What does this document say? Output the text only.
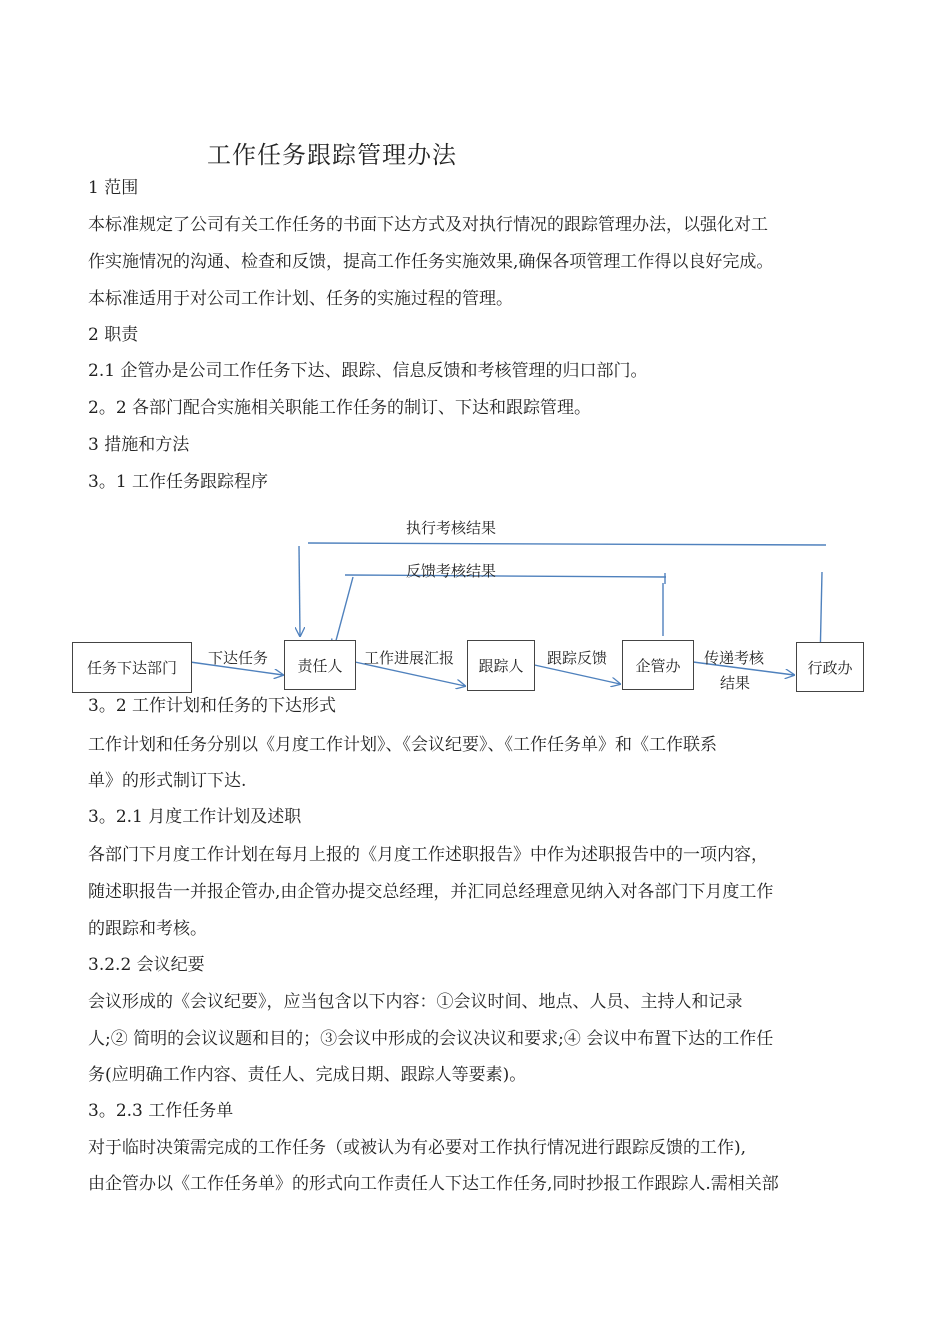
工作任务跟踪管理办法
1 范围
本标准规定了公司有关工作任务的书面下达方式及对执行情况的跟踪管理办法，以强化对工
作实施情况的沟通、检查和反馈，提高工作任务实施效果,确保各项管理工作得以良好完成。
本标准适用于对公司工作计划、任务的实施过程的管理。
2 职责
2.1 企管办是公司工作任务下达、跟踪、信息反馈和考核管理的归口部门。
2。2 各部门配合实施相关职能工作任务的制订、下达和跟踪管理。
3 措施和方法
3。1 工作任务跟踪程序
执行考核结果
反馈考核结果
下达任务	工作进展汇报	跟踪反馈	传递考核
结果
任务下达部门	责任人	跟踪人	企管办	行政办
3。2 工作计划和任务的下达形式
工作计划和任务分别以《月度工作计划》、《会议纪要》、《工作任务单》和《工作联系
单》的形式制订下达.
3。2.1 月度工作计划及述职
各部门下月度工作计划在每月上报的《月度工作述职报告》中作为述职报告中的一项内容，
随述职报告一并报企管办,由企管办提交总经理，并汇同总经理意见纳入对各部门下月度工作
的跟踪和考核。
3.2.2 会议纪要
会议形成的《会议纪要》，应当包含以下内容：①会议时间、地点、人员、主持人和记录
人;② 简明的会议议题和目的；③会议中形成的会议决议和要求;④ 会议中布置下达的工作任
务(应明确工作内容、责任人、完成日期、跟踪人等要素)。
3。2.3 工作任务单
对于临时决策需完成的工作任务（或被认为有必要对工作执行情况进行跟踪反馈的工作),
由企管办以《工作任务单》的形式向工作责任人下达工作任务,同时抄报工作跟踪人.需相关部
